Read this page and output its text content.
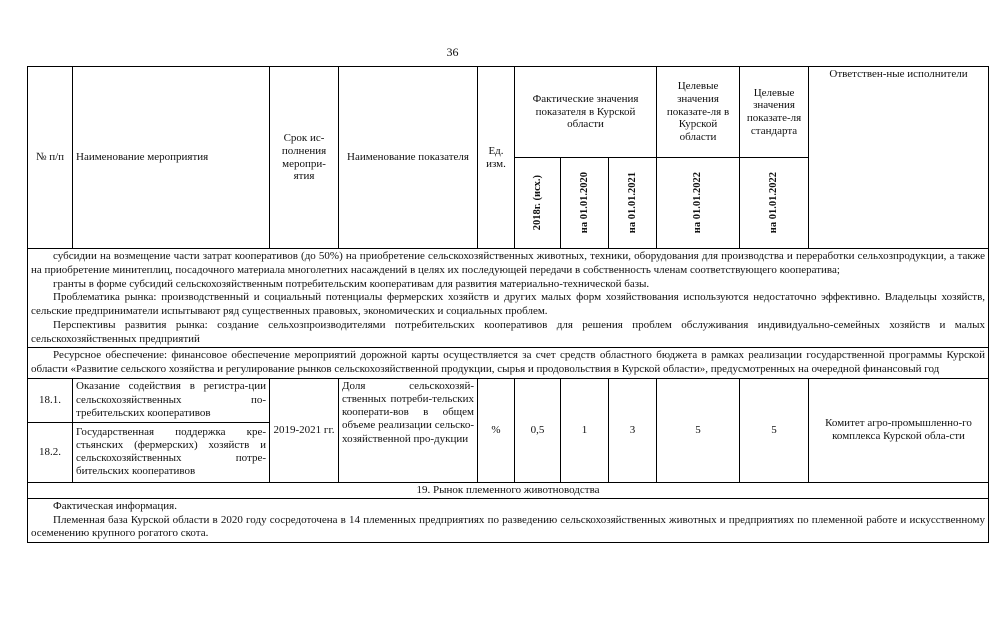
36
№ п/п	Наименование мероприятия	Срок ис-полнения меропри-ятия	Наименование показателя	Ед. изм.	Фактические значения показателя в Курской области			Целевые значения показате-ля в Курской области	Целевые значения показате-ля стандарта	Ответствен-ные исполнители

					2018г. (исх.)	на 01.01.2020	на 01.01.2021	на 01.01.2022	на 01.01.2022	

субсидии на возмещение части затрат кооперативов (до 50%) на приобретение сельскохозяйственных животных, техники, оборудования для производства и переработки сельхозпродукции, а также на приобретение минитеплиц, посадочного материала многолетних насаждений в целях их последующей передачи в собственность членам соответствующего кооператива;

гранты в форме субсидий сельскохозяйственным потребительским кооперативам для развития материально-технической базы.

Проблематика рынка: производственный и социальный потенциалы фермерских хозяйств и других малых форм хозяйствования используются недостаточно эффективно. Владельцы хозяйств, сельские предприниматели испытывают ряд существенных правовых, экономических и социальных проблем.

Перспективы развития рынка: создание сельхозпроизводителями потребительских кооперативов для решения проблем обслуживания индивидуально-семейных хозяйств и малых сельскохозяйственных предприятий										

Ресурсное обеспечение: финансовое обеспечение мероприятий дорожной карты осуществляется за счет средств областного бюджета в рамках реализации государственной программы Курской области «Развитие сельского хозяйства и регулирование рынков сельскохозяйственной продукции, сырья и продовольствия в Курской области», предусмотренных на очередной финансовый год										

18.1.	Оказание содействия в регистра-ции сельскохозяйственных по-требительских кооперативов	2019-2021 гг.	Доля сельскохозяй-ственных потреби-тельских кооперати-вов в общем объеме реализации сельско-хозяйственной про-дукции	%	0,5	1	3	5	5	Комитет агро-промышленно-го комплекса Курской обла-сти
18.2.	Государственная поддержка кре-стьянских (фермерских) хозяйств и сельскохозяйственных потре-бительских кооперативов									
19. Рынок племенного животноводства										

Фактическая информация.

Племенная база Курской области в 2020 году сосредоточена в 14 племенных предприятиях по разведению сельскохозяйственных животных и предприятиях по племенной работе и искусственному осеменению крупного рогатого скота.										
